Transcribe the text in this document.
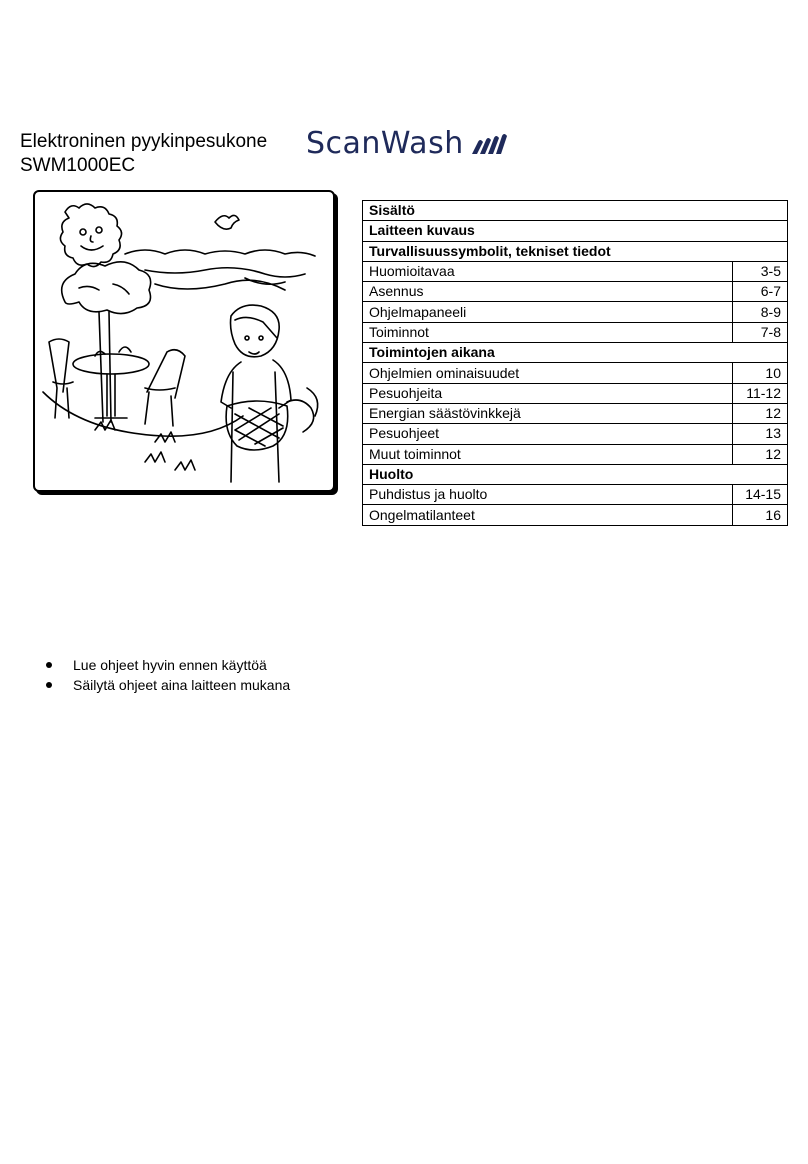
Elektroninen pyykinpesukone
SWM1000EC
ScanWash
Sisältö	
Laitteen kuvaus	
Turvallisuussymbolit, tekniset tiedot	
Huomioitavaa	3-5
Asennus	6-7
Ohjelmapaneeli	8-9
Toiminnot	7-8
Toimintojen aikana	
Ohjelmien ominaisuudet	10
Pesuohjeita	11-12
Energian säästövinkkejä	12
Pesuohjeet	13
Muut toiminnot	12
Huolto	
Puhdistus ja huolto	14-15
Ongelmatilanteet	16
Lue ohjeet hyvin ennen käyttöä
Säilytä ohjeet aina laitteen mukana
